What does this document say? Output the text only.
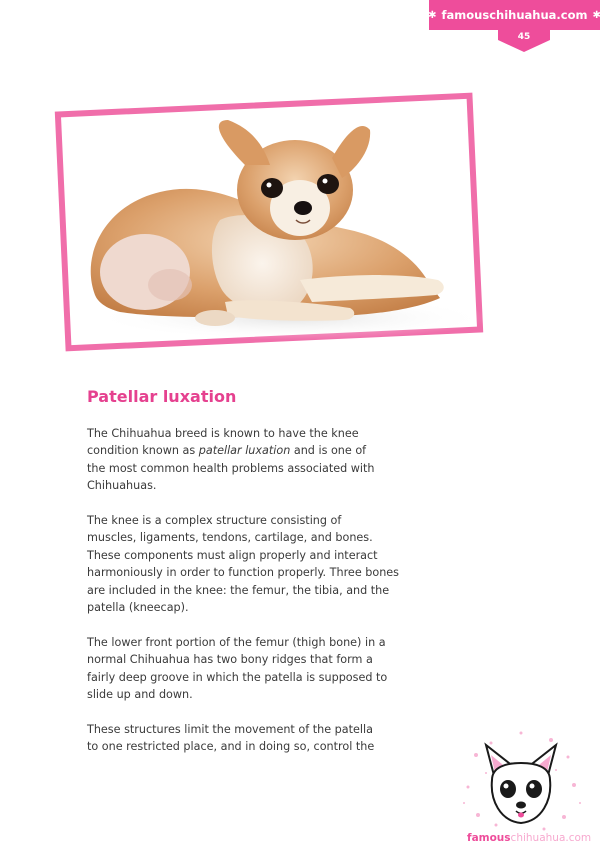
✱ famouschihuahua.com ✱
45
Patellar luxation

The Chihuahua breed is known to have the knee
condition known as patellar luxation and is one of
the most common health problems associated with
Chihuahuas.

The knee is a complex structure consisting of
muscles, ligaments, tendons, cartilage, and bones.
These components must align properly and interact
harmoniously in order to function properly. Three bones
are included in the knee: the femur, the tibia, and the
patella (kneecap).

The lower front portion of the femur (thigh bone) in a
normal Chihuahua has two bony ridges that form a
fairly deep groove in which the patella is supposed to
slide up and down.

These structures limit the movement of the patella
to one restricted place, and in doing so, control the

famouschihuahua.com
